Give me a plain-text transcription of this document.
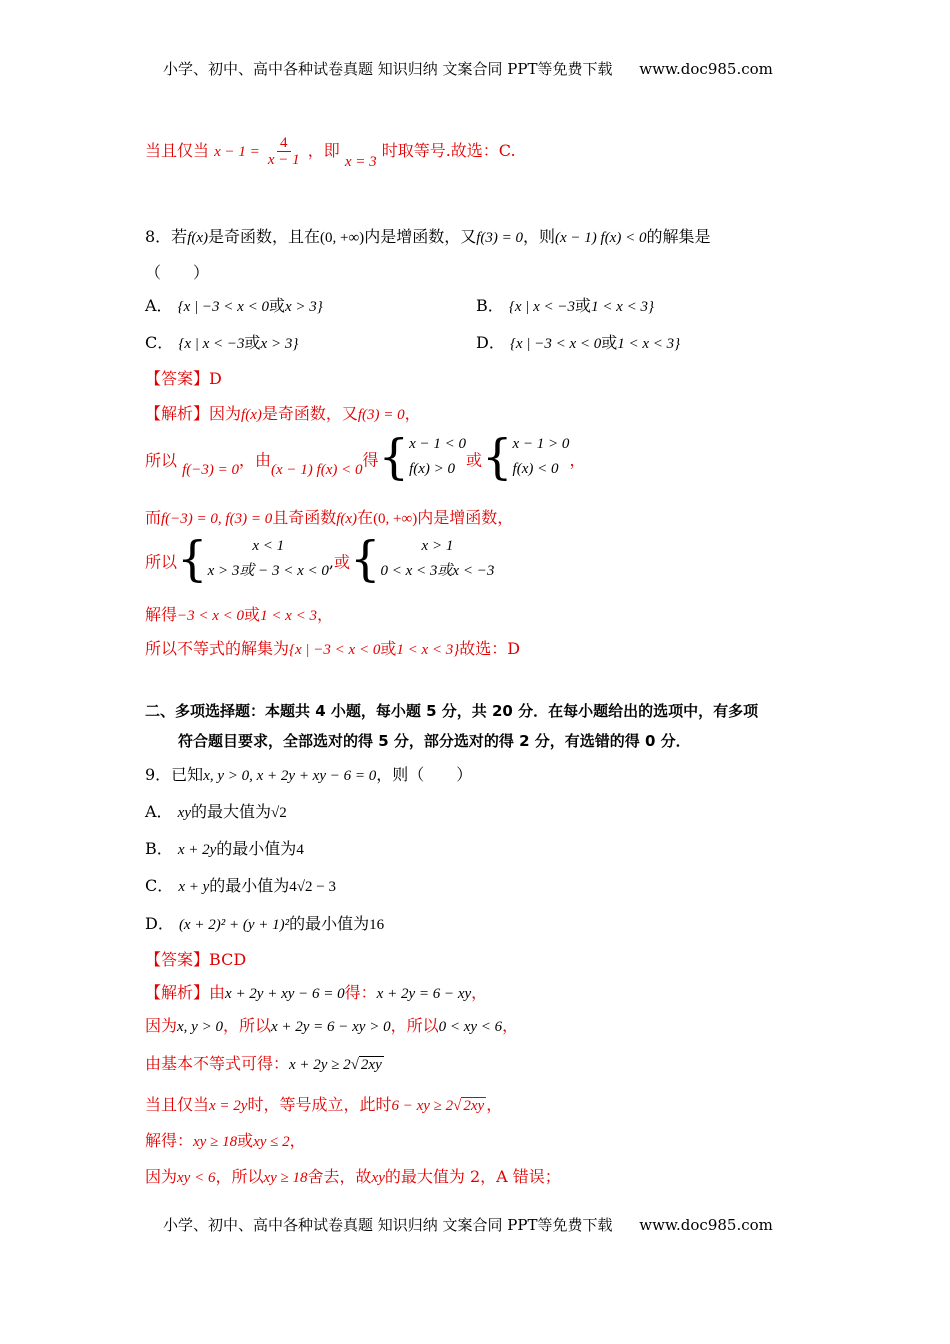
小学、初中、高中各种试卷真题 知识归纳 文案合同 PPT等免费下载 www.doc985.com
当且仅当 $x - 1 = \frac{4}{x - 1}$ ，即 x = 3 时取等号.故选：C.
8．若f(x)是奇函数，且在(0, +∞)内是增函数，又f(3) = 0，则(x − 1) f(x) < 0的解集是
（　　）
A． {x | −3 < x < 0或x > 3}	B． {x | x < −3或1 < x < 3}
C． {x | x < −3或x > 3}	D． {x | −3 < x < 0或1 < x < 3}
【答案】D
【解析】因为f(x)是奇函数，又f(3) = 0，
所以 f(−3) = 0，由(x − 1) f(x) < 0得 { x − 1 < 0
f(x) > 0 或 { x − 1 > 0
f(x) < 0 ，
而f(−3) = 0, f(3) = 0且奇函数f(x)在(0, +∞)内是增函数，
所以 {	x < 1
x > 3或 − 3 < x < 0 ,或 {	x > 1
0 < x < 3或x < −3
解得−3 < x < 0或1 < x < 3，
所以不等式的解集为{x | −3 < x < 0或1 < x < 3}故选：D
二、多项选择题：本题共 4 小题，每小题 5 分，共 20 分．在每小题给出的选项中，有多项
符合题目要求，全部选对的得 5 分，部分选对的得 2 分，有选错的得 0 分．
9．已知x, y > 0, x + 2y + xy − 6 = 0，则（　　）
A． xy的最大值为√2
B． x + 2y的最小值为4
C． x + y的最小值为4√2 − 3
D． (x + 2)² + (y + 1)²的最小值为16
【答案】BCD
【解析】由x + 2y + xy − 6 = 0得：x + 2y = 6 − xy，
因为x, y > 0，所以x + 2y = 6 − xy > 0，所以0 < xy < 6，
由基本不等式可得：x + 2y ≥ 2√ 2xy
当且仅当x = 2y时，等号成立，此时6 − xy ≥ 2√ 2xy ，
解得：xy ≥ 18或xy ≤ 2，
因为xy < 6，所以xy ≥ 18舍去，故xy的最大值为 2，A 错误；
小学、初中、高中各种试卷真题 知识归纳 文案合同 PPT等免费下载 www.doc985.com
